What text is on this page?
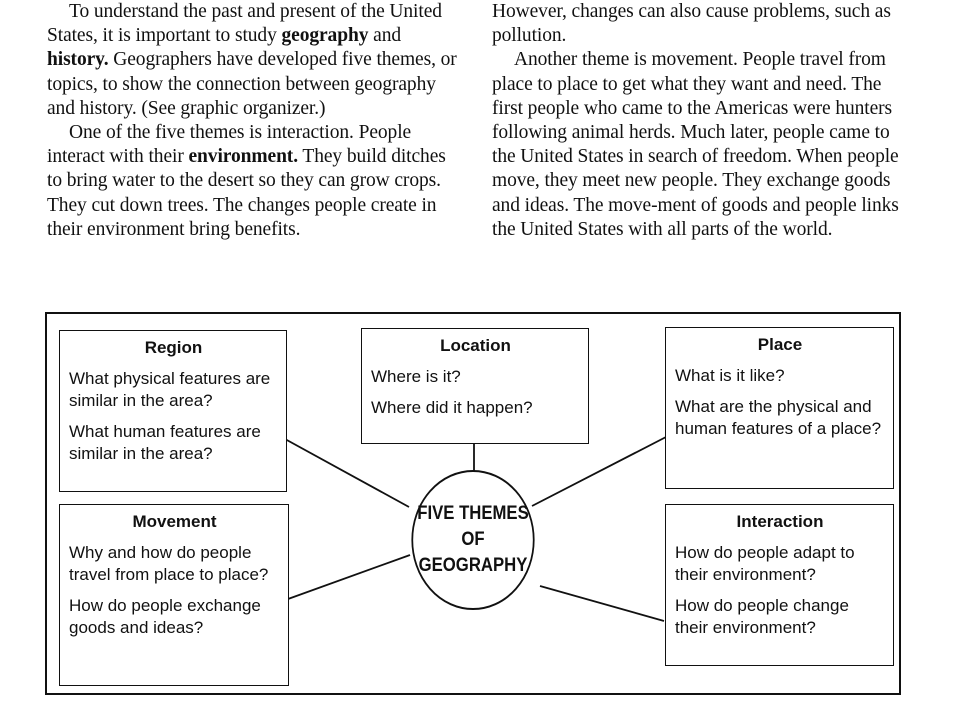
To understand the past and present of the United States, it is important to study geography and history. Geographers have developed five themes, or topics, to show the connection between geography and history. (See graphic organizer.)

One of the five themes is interaction. People interact with their environment. They build ditches to bring water to the desert so they can grow crops. They cut down trees. The changes people create in their environment bring benefits.

However, changes can also cause problems, such as pollution.

Another theme is movement. People travel from place to place to get what they want and need. The first people who came to the Americas were hunters following animal herds. Much later, people came to the United States in search of freedom. When people move, they meet new people. They exchange goods and ideas. The move-ment of goods and people links the United States with all parts of the world.

Region
What physical features are similar in the area?
What human features are similar in the area?
Location
Where is it?
Where did it happen?
Place
What is it like?
What are the physical and human features of a place?
Movement
Why and how do people travel from place to place?
How do people exchange goods and ideas?
Interaction
How do people adapt to their environment?
How do people change their environment?
FIVE THEMES
OF GEOGRAPHY
